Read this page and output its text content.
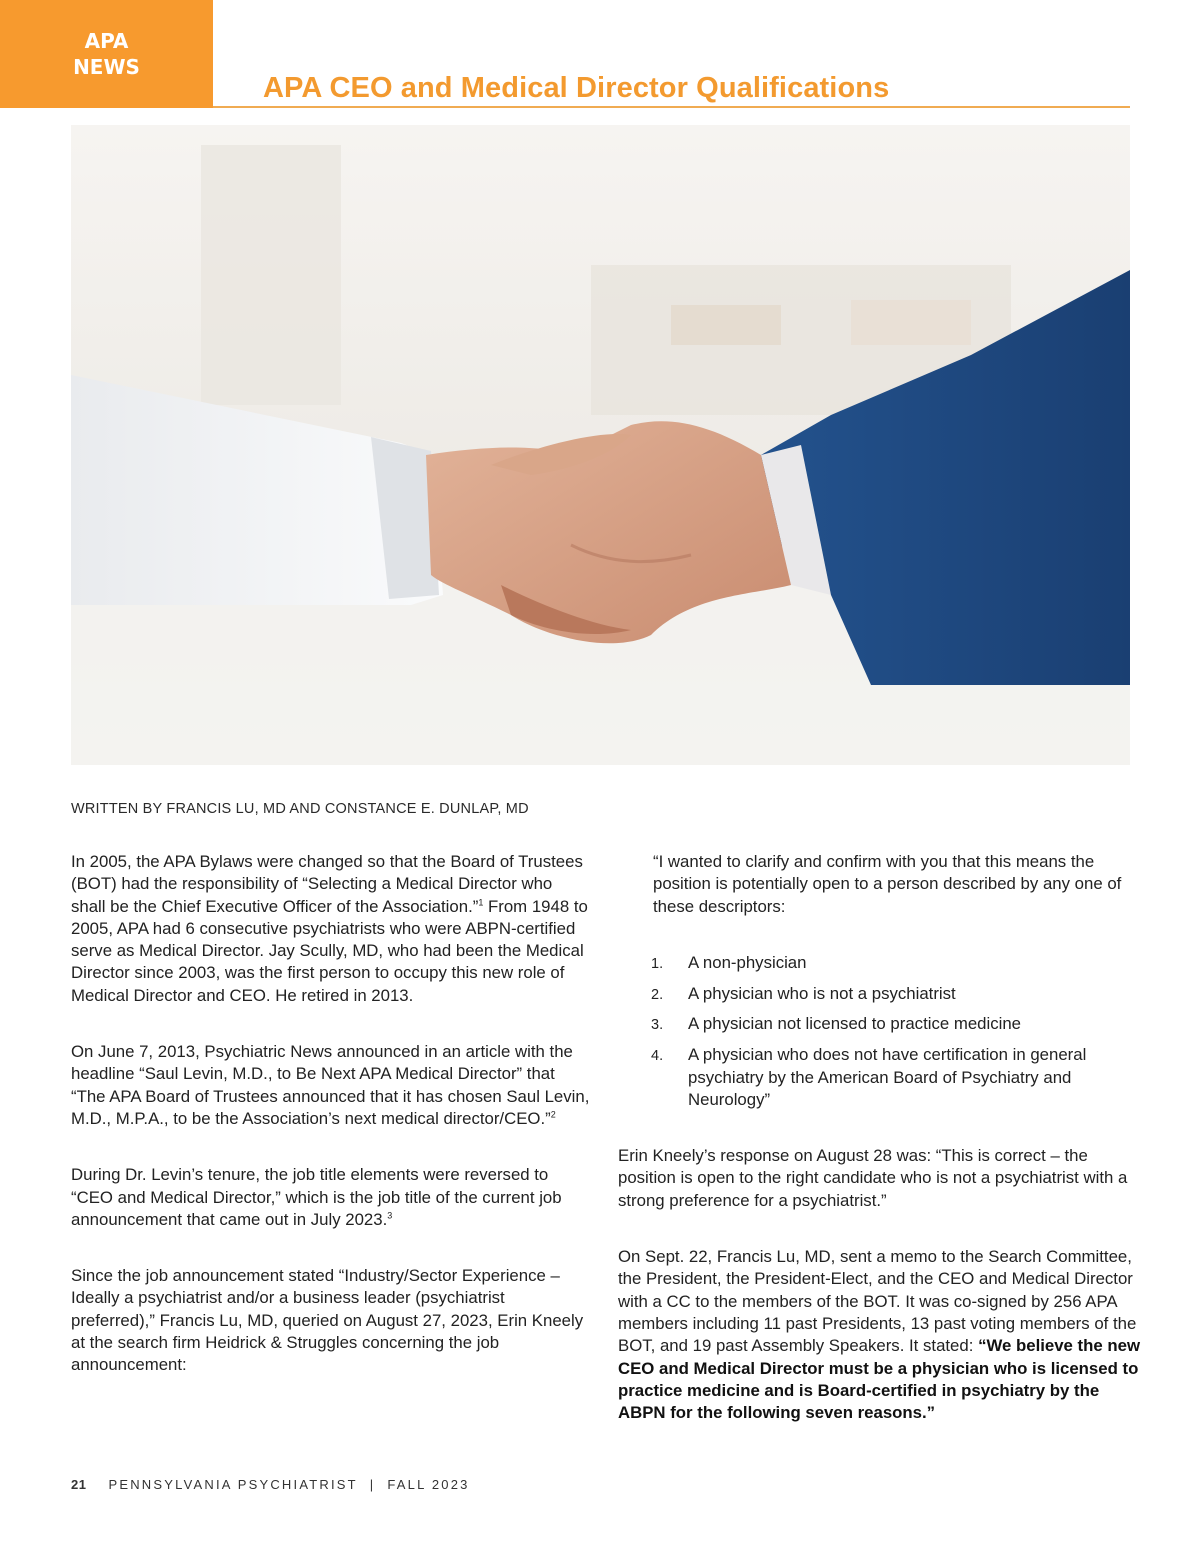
APA
NEWS
APA CEO and Medical Director Qualifications

WRITTEN BY FRANCIS LU, MD AND CONSTANCE E. DUNLAP, MD

In 2005, the APA Bylaws were changed so that the Board of Trustees (BOT) had the responsibility of “Selecting a Medical Director who shall be the Chief Executive Officer of the Association.”$^1$ From 1948 to 2005, APA had 6 consecutive psychiatrists who were ABPN-certified serve as Medical Director. Jay Scully, MD, who had been the Medical Director since 2003, was the first person to occupy this new role of Medical Director and CEO. He retired in 2013.

On June 7, 2013, Psychiatric News announced in an article with the headline “Saul Levin, M.D., to Be Next APA Medical Director” that “The APA Board of Trustees announced that it has chosen Saul Levin, M.D., M.P.A., to be the Association’s next medical director/CEO.”$^2$

During Dr. Levin’s tenure, the job title elements were reversed to “CEO and Medical Director,” which is the job title of the current job announcement that came out in July 2023.$^3$

Since the job announcement stated “Industry/Sector Experience – Ideally a psychiatrist and/or a business leader (psychiatrist preferred),” Francis Lu, MD, queried on August 27, 2023, Erin Kneely at the search firm Heidrick & Struggles concerning the job announcement:

“I wanted to clarify and confirm with you that this means the position is potentially open to a person described by any one of these descriptors:

1. A non-physician
2. A physician who is not a psychiatrist
3. A physician not licensed to practice medicine
4. A physician who does not have certification in general psychiatry by the American Board of Psychiatry and Neurology”

Erin Kneely’s response on August 28 was: “This is correct – the position is open to the right candidate who is not a psychiatrist with a strong preference for a psychiatrist.”

On Sept. 22, Francis Lu, MD, sent a memo to the Search Committee, the President, the President-Elect, and the CEO and Medical Director with a CC to the members of the BOT. It was co-signed by 256 APA members including 11 past Presidents, 13 past voting members of the BOT, and 19 past Assembly Speakers. It stated: “We believe the new CEO and Medical Director must be a physician who is licensed to practice medicine and is Board-certified in psychiatry by the ABPN for the following seven reasons.”

21 PENNSYLVANIA PSYCHIATRIST | FALL 2023
